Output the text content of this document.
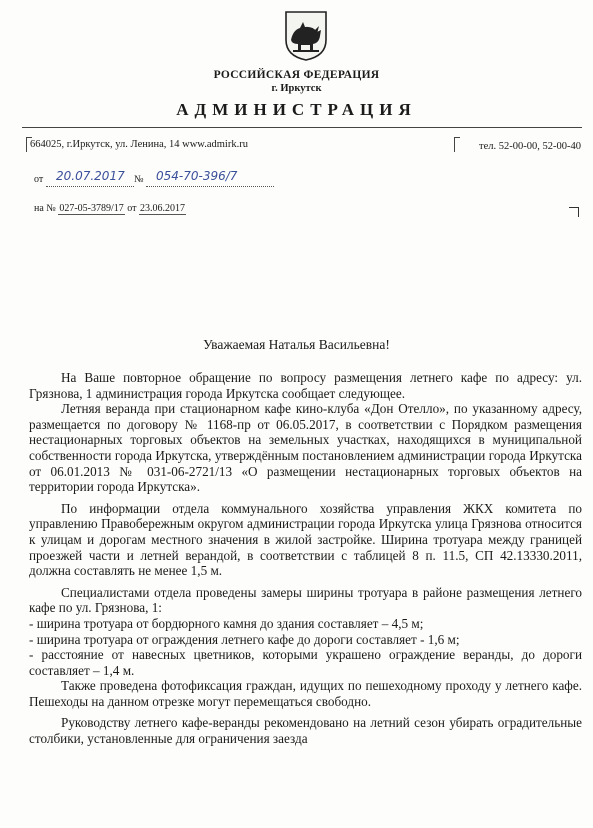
РОССИЙСКАЯ ФЕДЕРАЦИЯ
г. Иркутск
АДМИНИСТРАЦИЯ
664025, г.Иркутск, ул. Ленина, 14 www.admirk.ru	тел. 52-00-00, 52-00-40
от 20.07.2017 № 054-70-396/7
на № 027-05-3789/17 от 23.06.2017
Уважаемая Наталья Васильевна!

На Ваше повторное обращение по вопросу размещения летнего кафе по адресу: ул. Грязнова, 1 администрация города Иркутска сообщает следующее.

Летняя веранда при стационарном кафе кино-клуба «Дон Отелло», по указанному адресу, размещается по договору № 1168-пр от 06.05.2017, в соответствии с Порядком размещения нестационарных торговых объектов на земельных участках, находящихся в муниципальной собственности города Иркутска, утверждённым постановлением администрации города Иркутска от 06.01.2013 № 031-06-2721/13 «О размещении нестационарных торговых объектов на территории города Иркутска».

По информации отдела коммунального хозяйства управления ЖКХ комитета по управлению Правобережным округом администрации города Иркутска улица Грязнова относится к улицам и дорогам местного значения в жилой застройке. Ширина тротуара между границей проезжей части и летней верандой, в соответствии с таблицей 8 п. 11.5, СП 42.13330.2011, должна составлять не менее 1,5 м.

Специалистами отдела проведены замеры ширины тротуара в районе размещения летнего кафе по ул. Грязнова, 1:

- ширина тротуара от бордюрного камня до здания составляет – 4,5 м;

- ширина тротуара от ограждения летнего кафе до дороги составляет - 1,6 м;

- расстояние от навесных цветников, которыми украшено ограждение веранды, до дороги составляет – 1,4 м.

Также проведена фотофиксация граждан, идущих по пешеходному проходу у летнего кафе. Пешеходы на данном отрезке могут перемещаться свободно.

Руководству летнего кафе-веранды рекомендовано на летний сезон убирать оградительные столбики, установленные для ограничения заезда
